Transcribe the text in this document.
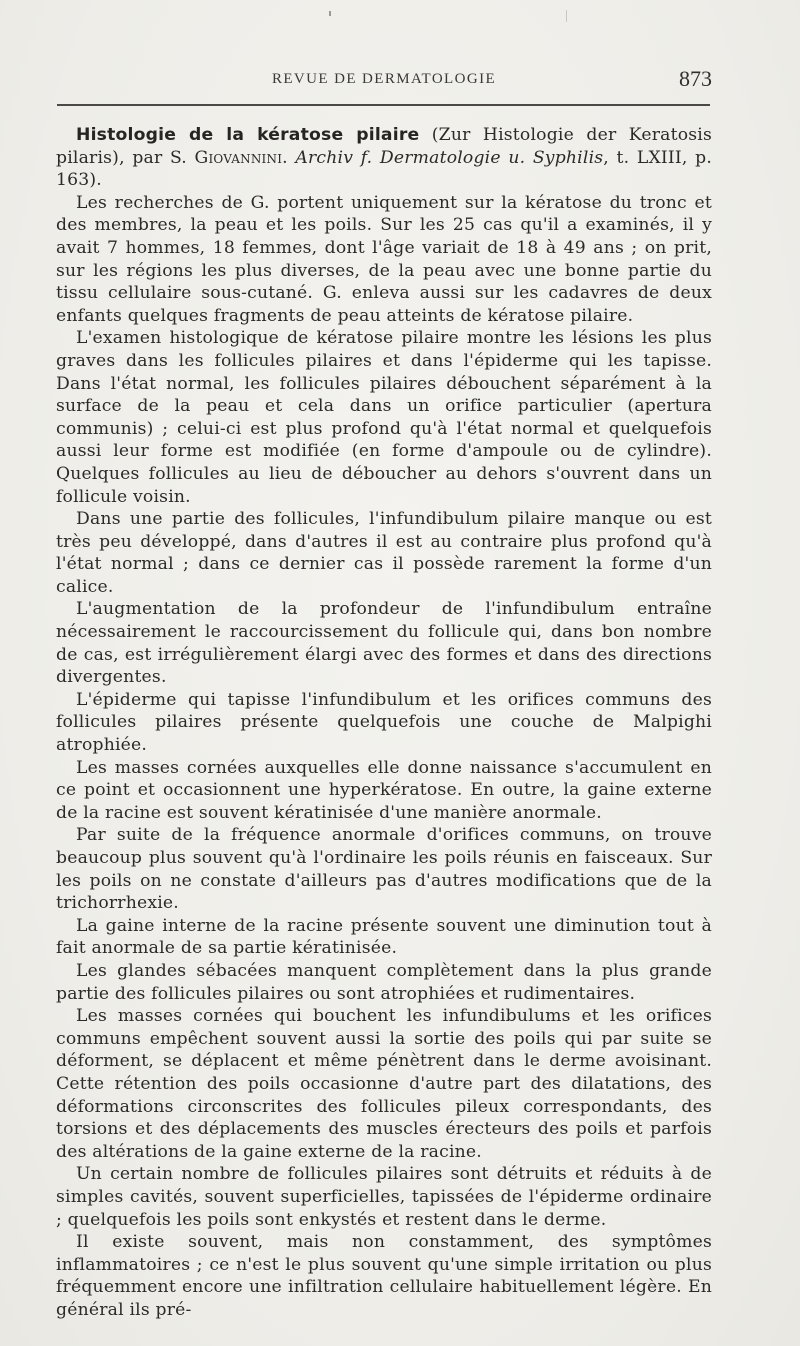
REVUE DE DERMATOLOGIE	873

Histologie de la kératose pilaire (Zur Histologie der Keratosis pilaris), par S. Giovannini. Archiv f. Dermatologie u. Syphilis, t. LXIII, p. 163).

Les recherches de G. portent uniquement sur la kératose du tronc et des membres, la peau et les poils. Sur les 25 cas qu'il a examinés, il y avait 7 hommes, 18 femmes, dont l'âge variait de 18 à 49 ans ; on prit, sur les régions les plus diverses, de la peau avec une bonne partie du tissu cellulaire sous-cutané. G. enleva aussi sur les cadavres de deux enfants quelques fragments de peau atteints de kératose pilaire.

L'examen histologique de kératose pilaire montre les lésions les plus graves dans les follicules pilaires et dans l'épiderme qui les tapisse. Dans l'état normal, les follicules pilaires débouchent séparément à la surface de la peau et cela dans un orifice particulier (apertura communis) ; celui-ci est plus profond qu'à l'état normal et quelquefois aussi leur forme est modifiée (en forme d'ampoule ou de cylindre). Quelques follicules au lieu de déboucher au dehors s'ouvrent dans un follicule voisin.

Dans une partie des follicules, l'infundibulum pilaire manque ou est très peu développé, dans d'autres il est au contraire plus profond qu'à l'état normal ; dans ce dernier cas il possède rarement la forme d'un calice.

L'augmentation de la profondeur de l'infundibulum entraîne nécessairement le raccourcissement du follicule qui, dans bon nombre de cas, est irrégulièrement élargi avec des formes et dans des directions divergentes.

L'épiderme qui tapisse l'infundibulum et les orifices communs des follicules pilaires présente quelquefois une couche de Malpighi atrophiée.

Les masses cornées auxquelles elle donne naissance s'accumulent en ce point et occasionnent une hyperkératose. En outre, la gaine externe de la racine est souvent kératinisée d'une manière anormale.

Par suite de la fréquence anormale d'orifices communs, on trouve beaucoup plus souvent qu'à l'ordinaire les poils réunis en faisceaux. Sur les poils on ne constate d'ailleurs pas d'autres modifications que de la trichorrhexie.

La gaine interne de la racine présente souvent une diminution tout à fait anormale de sa partie kératinisée.

Les glandes sébacées manquent complètement dans la plus grande partie des follicules pilaires ou sont atrophiées et rudimentaires.

Les masses cornées qui bouchent les infundibulums et les orifices communs empêchent souvent aussi la sortie des poils qui par suite se déforment, se déplacent et même pénètrent dans le derme avoisinant. Cette rétention des poils occasionne d'autre part des dilatations, des déformations circonscrites des follicules pileux correspondants, des torsions et des déplacements des muscles érecteurs des poils et parfois des altérations de la gaine externe de la racine.

Un certain nombre de follicules pilaires sont détruits et réduits à de simples cavités, souvent superficielles, tapissées de l'épiderme ordinaire ; quelquefois les poils sont enkystés et restent dans le derme.

Il existe souvent, mais non constamment, des symptômes inflammatoires ; ce n'est le plus souvent qu'une simple irritation ou plus fréquemment encore une infiltration cellulaire habituellement légère. En général ils pré-
